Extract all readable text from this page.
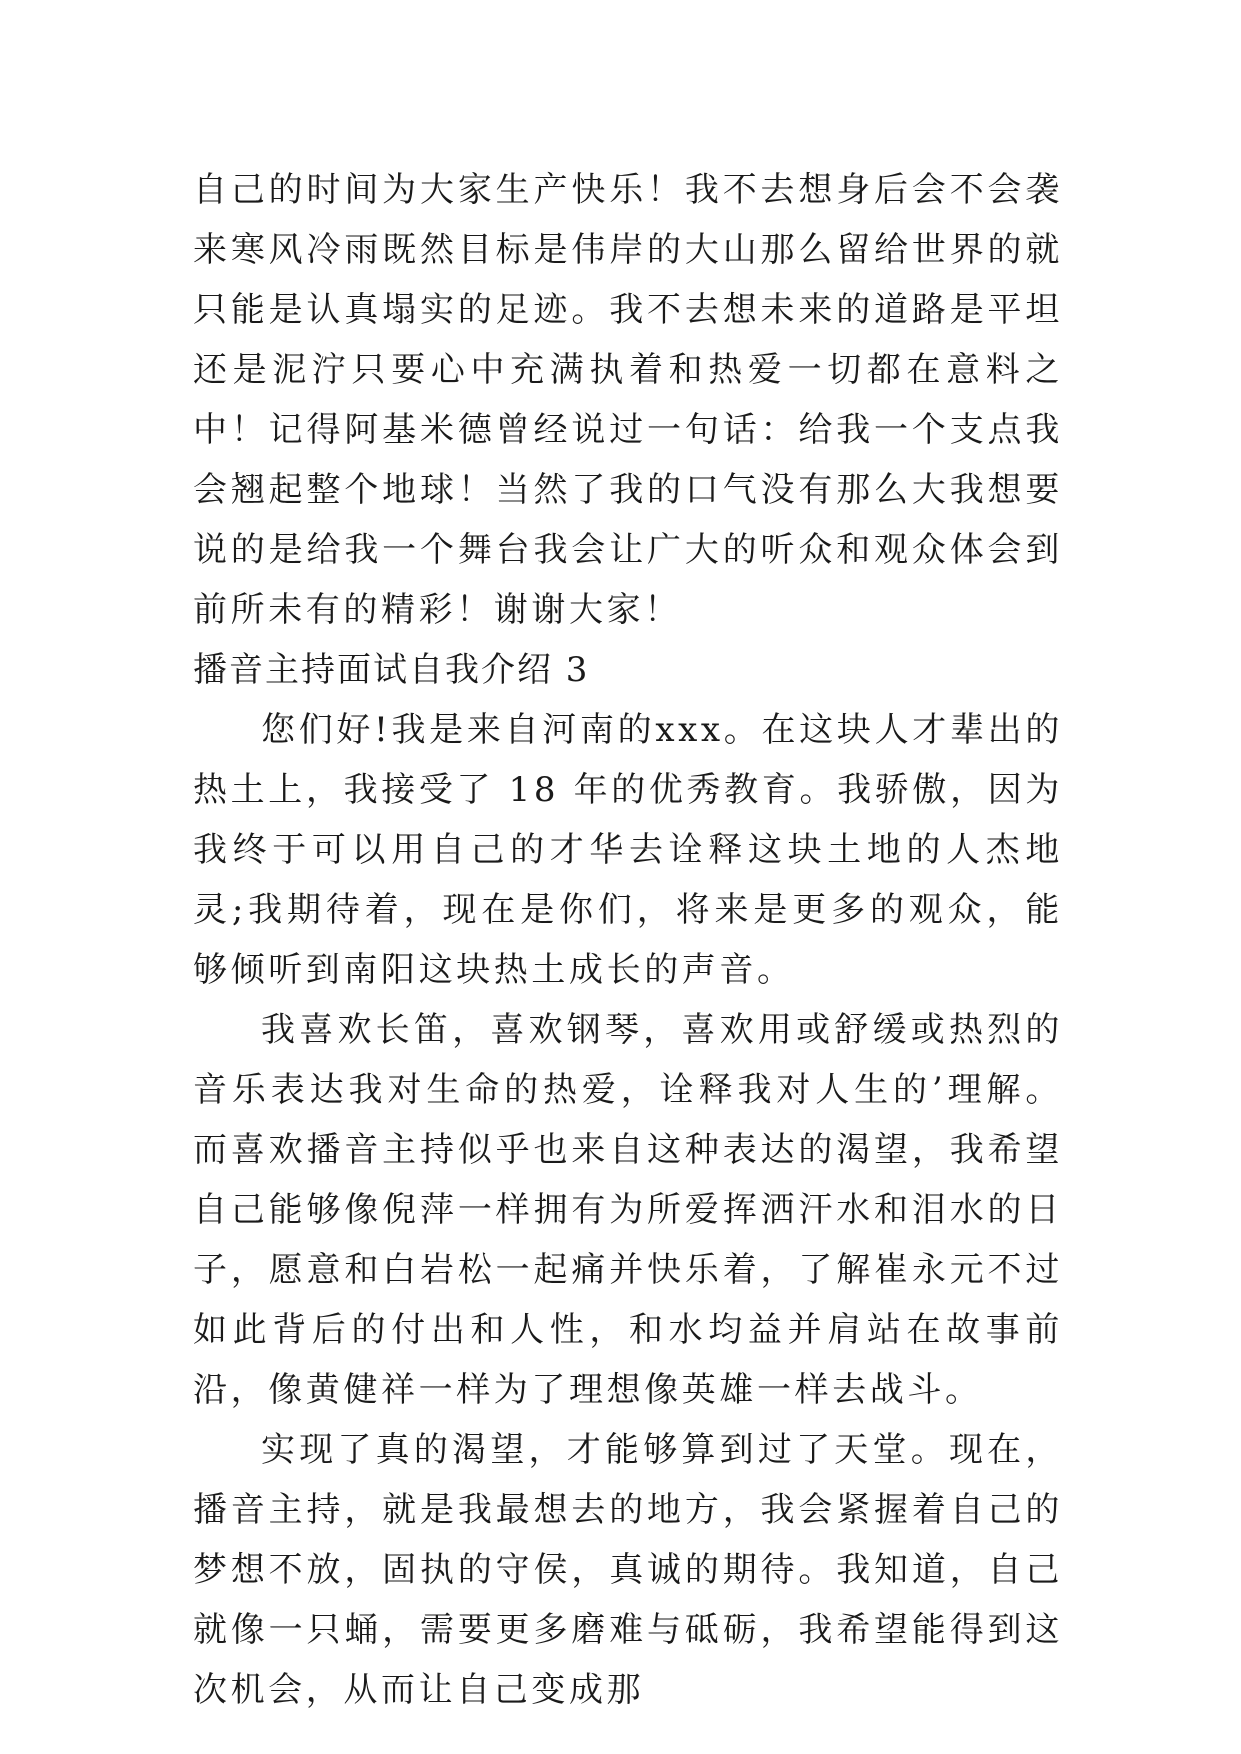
自己的时间为大家生产快乐！我不去想身后会不会袭来寒风冷雨既然目标是伟岸的大山那么留给世界的就只能是认真塌实的足迹。我不去想未来的道路是平坦还是泥泞只要心中充满执着和热爱一切都在意料之中！记得阿基米德曾经说过一句话：给我一个支点我会翘起整个地球！当然了我的口气没有那么大我想要说的是给我一个舞台我会让广大的听众和观众体会到前所未有的精彩！谢谢大家！

播音主持面试自我介绍 3

您们好!我是来自河南的xxx。在这块人才辈出的热土上，我接受了 18 年的优秀教育。我骄傲，因为我终于可以用自己的才华去诠释这块土地的人杰地灵;我期待着，现在是你们，将来是更多的观众，能够倾听到南阳这块热土成长的声音。

我喜欢长笛，喜欢钢琴，喜欢用或舒缓或热烈的音乐表达我对生命的热爱，诠释我对人生的’理解。而喜欢播音主持似乎也来自这种表达的渴望，我希望自己能够像倪萍一样拥有为所爱挥洒汗水和泪水的日子，愿意和白岩松一起痛并快乐着，了解崔永元不过如此背后的付出和人性，和水均益并肩站在故事前沿，像黄健祥一样为了理想像英雄一样去战斗。

实现了真的渴望，才能够算到过了天堂。现在，播音主持，就是我最想去的地方，我会紧握着自己的梦想不放，固执的守侯，真诚的期待。我知道，自己就像一只蛹，需要更多磨难与砥砺，我希望能得到这次机会，从而让自己变成那
